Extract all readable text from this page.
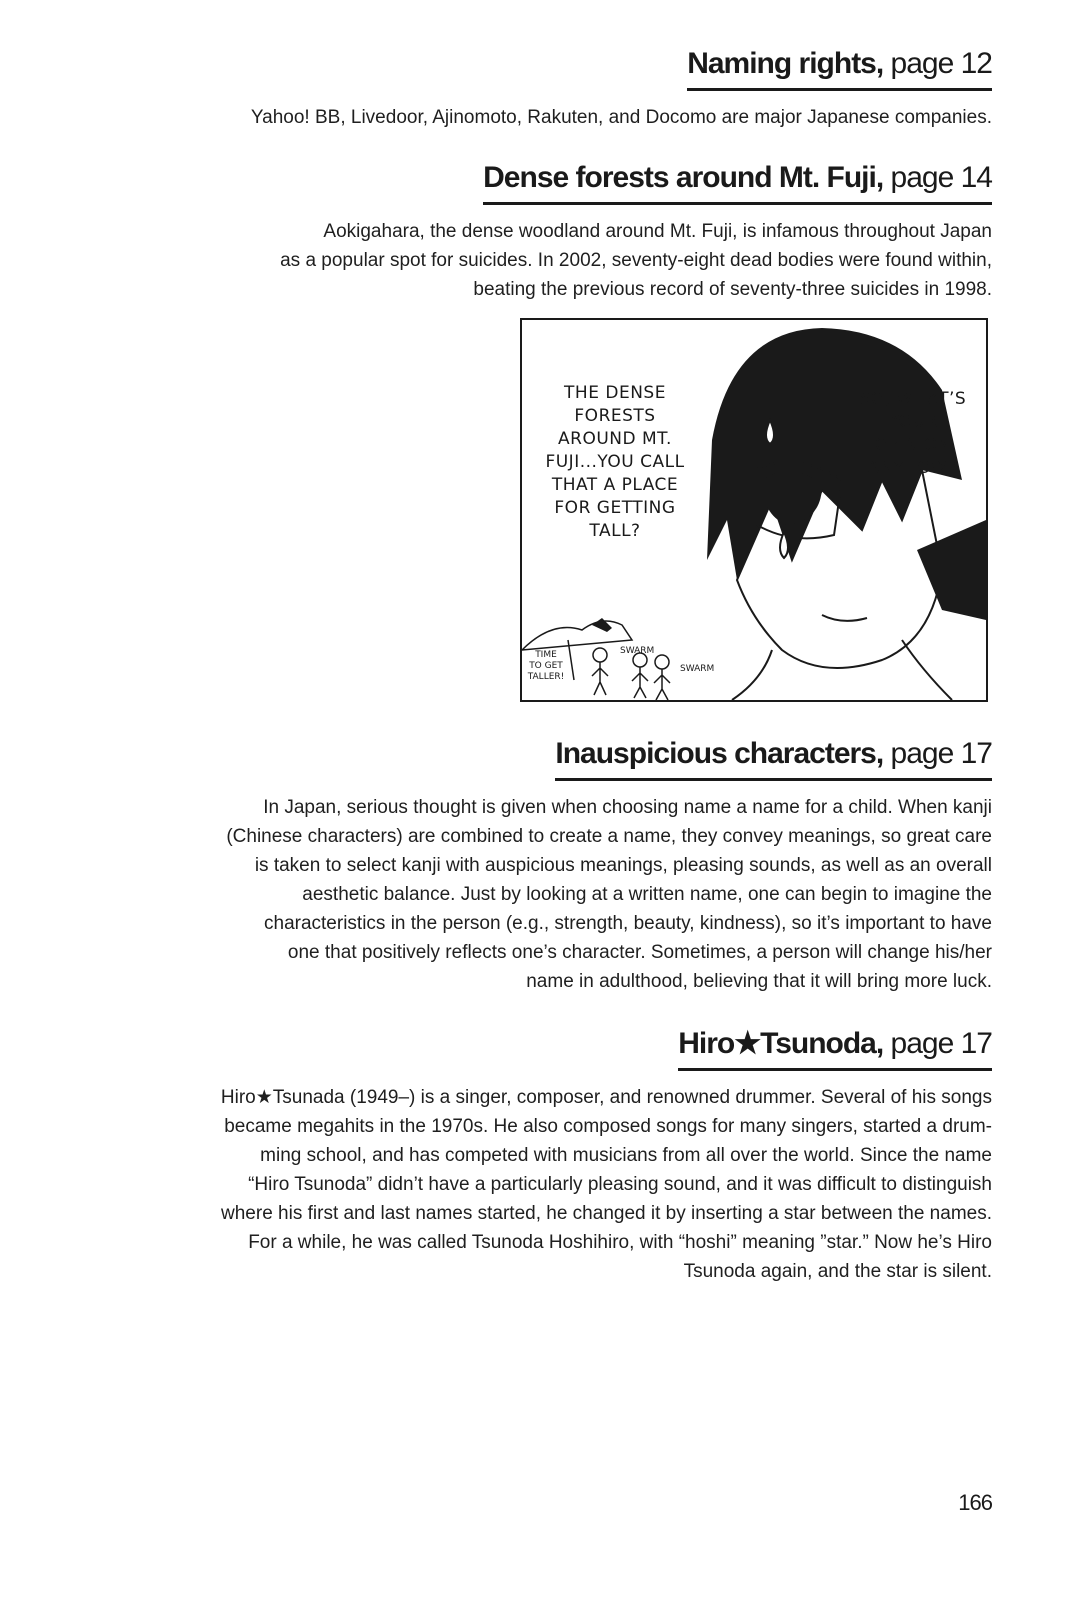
Naming rights, page 12

Yahoo! BB, Livedoor, Ajinomoto, Rakuten, and Docomo are major Japanese companies.

Dense forests around Mt. Fuji, page 14

Aokigahara, the dense woodland around Mt. Fuji, is infamous throughout Japan

as a popular spot for suicides. In 2002, seventy-eight dead bodies were found within,

beating the previous record of seventy-three suicides in 1998.

THE DENSE
FORESTS
AROUND MT.
FUJI...YOU CALL
THAT A PLACE
FOR GETTING
TALL?
SO, WHAT’S
YOUR
OPINION
ANYHOW?
TIME
TO GET
TALLER!
SWARM
SWARM
Inauspicious characters, page 17

In Japan, serious thought is given when choosing name a name for a child. When kanji

(Chinese characters) are combined to create a name, they convey meanings, so great care

is taken to select kanji with auspicious meanings, pleasing sounds, as well as an overall

aesthetic balance. Just by looking at a written name, one can begin to imagine the

characteristics in the person (e.g., strength, beauty, kindness), so it’s important to have

one that positively reflects one’s character. Sometimes, a person will change his/her

name in adulthood, believing that it will bring more luck.

Hiro★Tsunoda, page 17

Hiro★Tsunada (1949–) is a singer, composer, and renowned drummer. Several of his songs

became megahits in the 1970s. He also composed songs for many singers, started a drum-

ming school, and has competed with musicians from all over the world. Since the name

“Hiro Tsunoda” didn’t have a particularly pleasing sound, and it was difficult to distinguish

where his first and last names started, he changed it by inserting a star between the names.

For a while, he was called Tsunoda Hoshihiro, with “hoshi” meaning ”star.” Now he’s Hiro

Tsunoda again, and the star is silent.

166
